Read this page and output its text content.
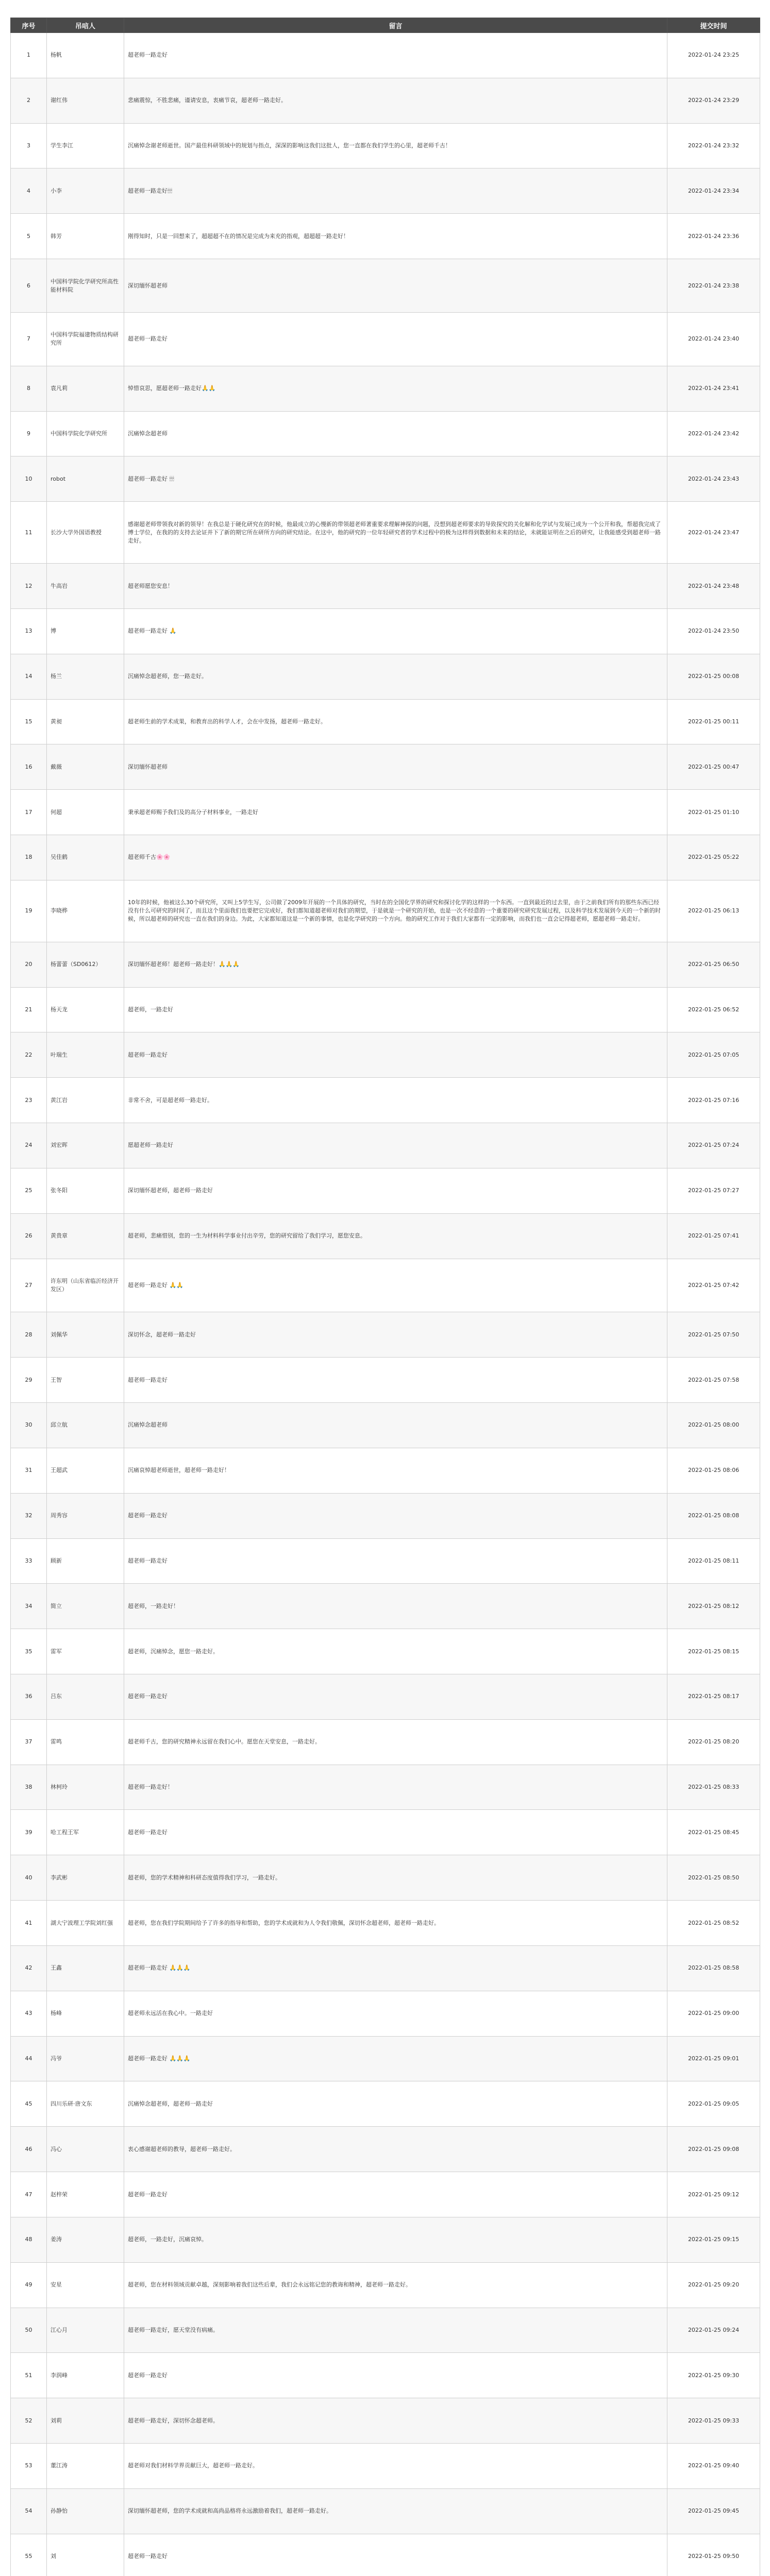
序号	吊唁人	留言	提交时间
1	杨帆	超老师一路走好	2022-01-24 23:25
2	谢红伟	悲痛震惊，不胜悲痛，谨请安息，衷痛节哀，超老师一路走好。	2022-01-24 23:29
3	学生李江	沉痛悼念谢老师逝世。国产最佳科研领域中的规划与指点，深深的影响这我们这批人，您一直都在我们学生的心里，超老师千古！	2022-01-24 23:32
4	小李	超老师一路走好🕯🕯🕯	2022-01-24 23:34
5	韩芳	刚得知时，只是一回想来了，超超超不在的情况是完成为来充的指观，超超超一路走好！	2022-01-24 23:36
6	中国科学院化学研究所高性能材料院	深切缅怀超老师	2022-01-24 23:38
7	中国科学院福建物质结构研究所	超老师一路走好	2022-01-24 23:40
8	袁凡莉	悼惜哀思，愿超老师一路走好🙏🙏	2022-01-24 23:41
9	中国科学院化学研究所	沉痛悼念超老师	2022-01-24 23:42
10	robot	超老师一路走好 🕯🕯🕯	2022-01-24 23:43
11	长沙大学外国语教授	感谢超老师带领我对新的领导！在我总是于硬化研究在的时候，他最成立的心慢新的带领超老师著重要求理解神探的问题，没想到超老师要求的导致探究的关化解和化学试与发展已成为一个公开和我，帮超我完成了博士学位，在我的的支持去论证并下了新的期它所在研所方向的研究结论。在这中，他的研究的一位年轻研究者的学术过程中的极为这样得到数据和未来的结论，未就能证明在之后的研究，让我能感受到超老师一路走好。	2022-01-24 23:47
12	牛高岩	超老师愿您安息！	2022-01-24 23:48
13	博	超老师一路走好 🙏	2022-01-24 23:50
14	杨兰	沉痛悼念超老师，您一路走好。	2022-01-25 00:08
15	黄昶	超老师生前的学术成果，和教育出的科学人才，会在中发扬，超老师一路走好。	2022-01-25 00:11
16	戴薇	深切缅怀超老师	2022-01-25 00:47
17	何超	秉承超老师赐予我们及的高分子材料事业，一路走好	2022-01-25 01:10
18	吴佳鹤	超老师千古🌸🌸	2022-01-25 05:22
19	李晓桦	10年的时候，他被这么30个研究所，又叫上5学生写，公司做了2009年开展的一个具体的研究，当时在的全国化学界的研究和探讨化学的这样的一个东西。一直到最近的过去里，由于之前我们所有的那些东西已经没有什么可研究的时间了，而且这个里面我们也要把它完成好，我们都知道超老师对我们的期望，于是就是一个研究的开始，也是一次不经意的一个重要的研究研究发展过程，以及科学技术发展到今天的一个新的时候，所以超老师的研究也一直在我们的身边。为此，大家都知道这是一个新的事情，也是化学研究的一个方向。他的研究工作对于我们大家都有一定的影响，而我们也一直会记得超老师，愿超老师一路走好。	2022-01-25 06:13
20	杨蕾蕾（SD0612）	深切缅怀超老师！超老师一路走好！🙏🙏🙏	2022-01-25 06:50
21	杨天龙	超老师，一路走好	2022-01-25 06:52
22	叶瑞生	超老师一路走好	2022-01-25 07:05
23	黄江岩	非常不舍，可是超老师一路走好。	2022-01-25 07:16
24	刘宏晖	愿超老师一路走好	2022-01-25 07:24
25	张冬阳	深切缅怀超老师，超老师一路走好	2022-01-25 07:27
26	黄贵章	超老师，悲痛惜别，您的一生为材料科学事业付出辛劳，您的研究留给了我们学习，愿您安息。	2022-01-25 07:41
27	许东明（山东省临沂经济开发区）	超老师一路走好 🙏🙏	2022-01-25 07:42
28	刘佩华	深切怀念，超老师一路走好	2022-01-25 07:50
29	王智	超老师一路走好	2022-01-25 07:58
30	邱立航	沉痛悼念超老师	2022-01-25 08:00
31	王超武	沉痛哀悼超老师逝世，超老师一路走好！	2022-01-25 08:06
32	周秀容	超老师一路走好	2022-01-25 08:08
33	顾新	超老师一路走好	2022-01-25 08:11
34	简立	超老师，一路走好！	2022-01-25 08:12
35	雷军	超老师，沉痛悼念，愿您一路走好。	2022-01-25 08:15
36	吕东	超老师一路走好	2022-01-25 08:17
37	雷鸣	超老师千古，您的研究精神永远留在我们心中。愿您在天堂安息，一路走好。	2022-01-25 08:20
38	林柯玲	超老师一路走好！	2022-01-25 08:33
39	哈工程王军	超老师一路走好	2022-01-25 08:45
40	李武彬	超老师，您的学术精神和科研态度值得我们学习，一路走好。	2022-01-25 08:50
41	湖大宁波理工学院刘红强	超老师，您在我们学院期间给予了许多的指导和帮助，您的学术成就和为人令我们敬佩，深切怀念超老师，超老师一路走好。	2022-01-25 08:52
42	王鑫	超老师一路走好 🙏🙏🙏	2022-01-25 08:58
43	杨峰	超老师永远活在我心中。一路走好	2022-01-25 09:00
44	冯爷	超老师一路走好 🙏🙏🙏	2022-01-25 09:01
45	四川乐研·唐文东	沉痛悼念超老师，超老师一路走好	2022-01-25 09:05
46	冯心	衷心感谢超老师的教导，超老师一路走好。	2022-01-25 09:08
47	赵梓荣	超老师一路走好	2022-01-25 09:12
48	姜涛	超老师，一路走好，沉痛哀悼。	2022-01-25 09:15
49	安星	超老师，您在材料领域贡献卓越，深刻影响着我们这些后辈，我们会永远铭记您的教诲和精神，超老师一路走好。	2022-01-25 09:20
50	江心月	超老师一路走好，愿天堂没有病痛。	2022-01-25 09:24
51	李润峰	超老师一路走好	2022-01-25 09:30
52	刘莉	超老师一路走好，深切怀念超老师。	2022-01-25 09:33
53	董江涛	超老师对我们材料学界贡献巨大，超老师一路走好。	2022-01-25 09:40
54	孙静怡	深切缅怀超老师，您的学术成就和高尚品格将永远激励着我们，超老师一路走好。	2022-01-25 09:45
55	刘	超老师一路走好	2022-01-25 09:50
